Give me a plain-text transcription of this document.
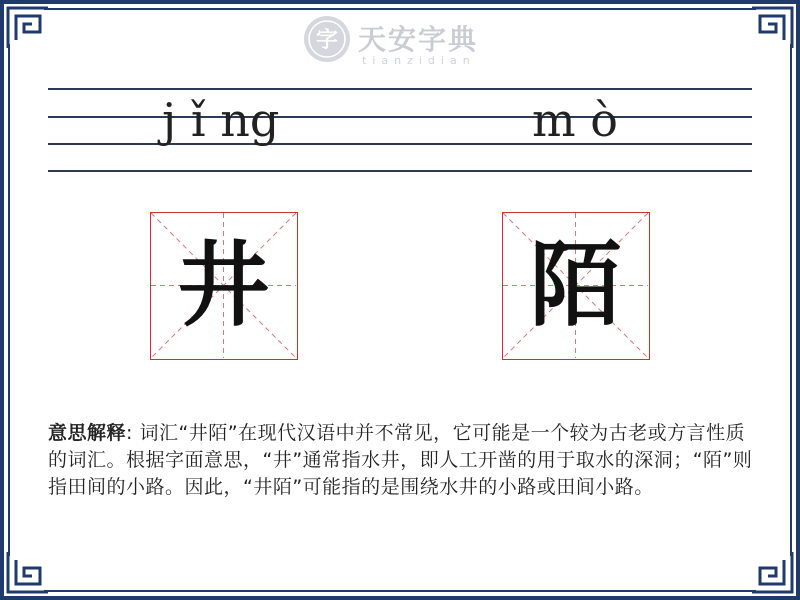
字 天安字典
tianzidian
j ǐ ng	m ò
井	陌
意思解释: 词汇“井陌”在现代汉语中并不常见，它可能是一个较为古老或方言性质的词汇。根据字面意思，“井”通常指水井，即人工开凿的用于取水的深洞；“陌”则指田间的小路。因此，“井陌”可能指的是围绕水井的小路或田间小路。
